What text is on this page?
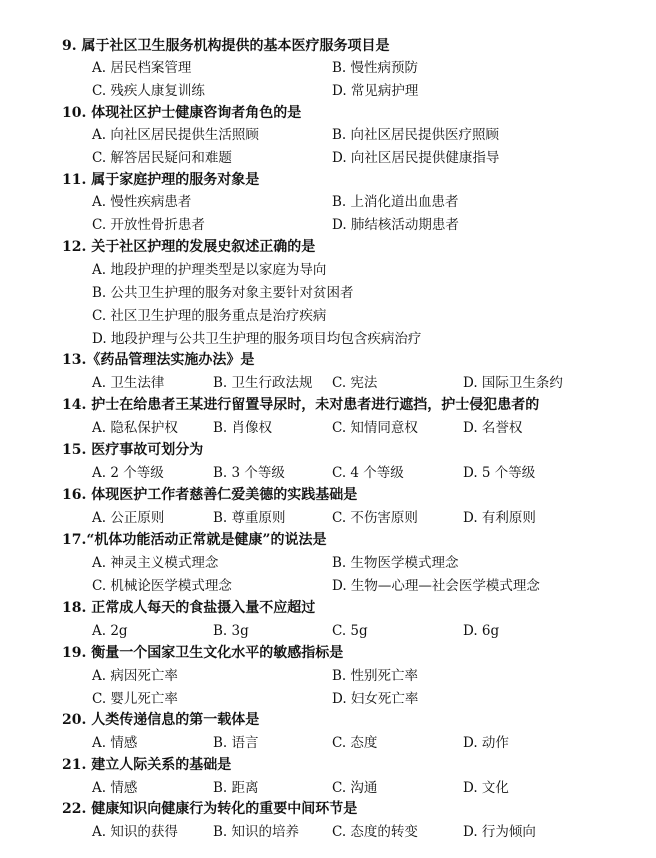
9. 属于社区卫生服务机构提供的基本医疗服务项目是
A. 居民档案管理	B. 慢性病预防
C. 残疾人康复训练	D. 常见病护理
10. 体现社区护士健康咨询者角色的是
A. 向社区居民提供生活照顾	B. 向社区居民提供医疗照顾
C. 解答居民疑问和难题	D. 向社区居民提供健康指导
11. 属于家庭护理的服务对象是
A. 慢性疾病患者	B. 上消化道出血患者
C. 开放性骨折患者	D. 肺结核活动期患者
12. 关于社区护理的发展史叙述正确的是
A. 地段护理的护理类型是以家庭为导向
B. 公共卫生护理的服务对象主要针对贫困者
C. 社区卫生护理的服务重点是治疗疾病
D. 地段护理与公共卫生护理的服务项目均包含疾病治疗
13.《药品管理法实施办法》是
A. 卫生法律	B. 卫生行政法规 C. 宪法	D. 国际卫生条约
14. 护士在给患者王某进行留置导尿时，未对患者进行遮挡，护士侵犯患者的
A. 隐私保护权	B. 肖像权	C. 知情同意权	D. 名誉权
15. 医疗事故可划分为
A. 2 个等级	B. 3 个等级	C. 4 个等级	D. 5 个等级
16. 体现医护工作者慈善仁爱美德的实践基础是
A. 公正原则	B. 尊重原则	C. 不伤害原则	D. 有利原则
17.“机体功能活动正常就是健康”的说法是
A. 神灵主义模式理念	B. 生物医学模式理念
C. 机械论医学模式理念	D. 生物—心理—社会医学模式理念
18. 正常成人每天的食盐摄入量不应超过
A. 2g	B. 3g	C. 5g	D. 6g
19. 衡量一个国家卫生文化水平的敏感指标是
A. 病因死亡率	B. 性别死亡率
C. 婴儿死亡率	D. 妇女死亡率
20. 人类传递信息的第一载体是
A. 情感	B. 语言	C. 态度	D. 动作
21. 建立人际关系的基础是
A. 情感	B. 距离	C. 沟通	D. 文化
22. 健康知识向健康行为转化的重要中间环节是
A. 知识的获得	B. 知识的培养 C. 态度的转变	D. 行为倾向
